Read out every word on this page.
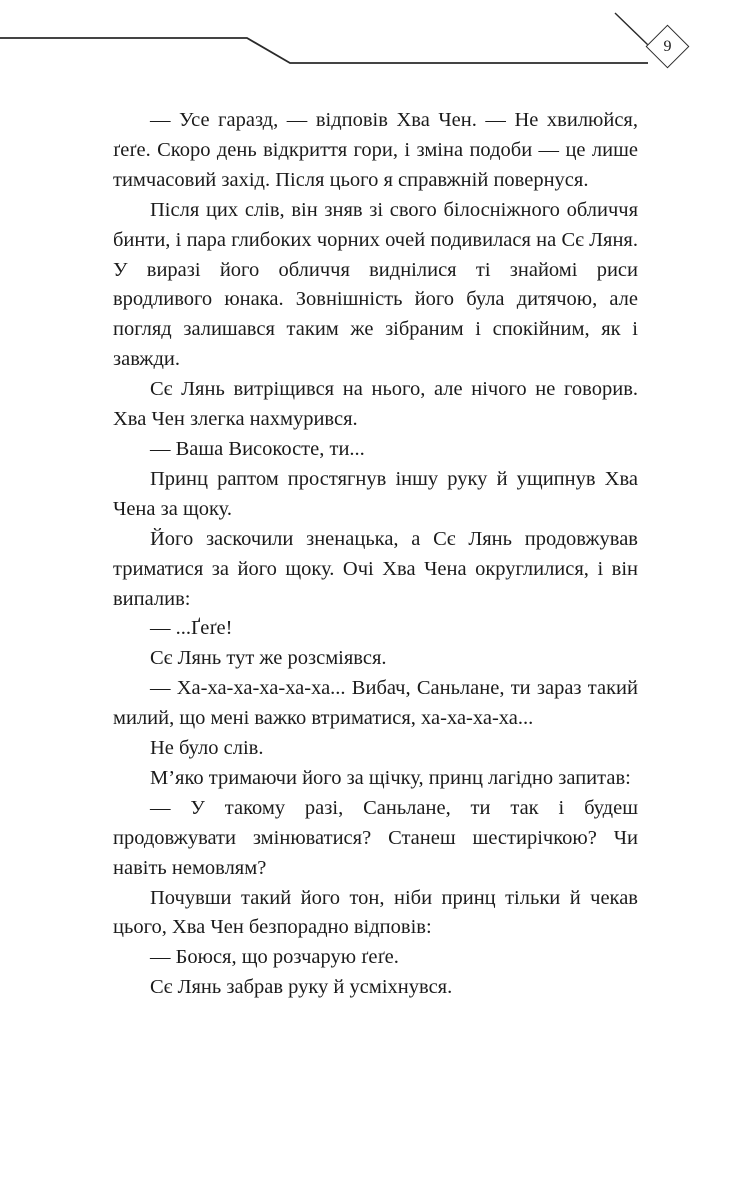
9

— Усе гаразд, — відповів Хва Чен. — Не хвилюйся, ґеґе. Скоро день відкриття гори, і зміна подоби — це лише тимчасовий захід. Після цього я справжній повернуся.

Після цих слів, він зняв зі свого білосніжного обличчя бинти, і пара глибоких чорних очей подивилася на Сє Ляня. У виразі його обличчя виднілися ті знайомі риси вродливого юнака. Зовнішність його була дитячою, але погляд залишався таким же зібраним і спокійним, як і завжди.

Сє Лянь витріщився на нього, але нічого не говорив. Хва Чен злегка нахмурився.

— Ваша Високосте, ти...

Принц раптом простягнув іншу руку й ущипнув Хва Чена за щоку.

Його заскочили зненацька, а Сє Лянь продовжував триматися за його щоку. Очі Хва Чена округлилися, і він випалив:

— ...Ґеґе!

Сє Лянь тут же розсміявся.

— Ха-ха-ха-ха-ха-ха... Вибач, Саньлане, ти зараз такий милий, що мені важко втриматися, ха-ха-ха-ха...

Не було слів.

М’яко тримаючи його за щічку, принц лагідно запитав:

— У такому разі, Саньлане, ти так і будеш продовжувати змінюватися? Станеш шестирічкою? Чи навіть немовлям?

Почувши такий його тон, ніби принц тільки й чекав цього, Хва Чен безпорадно відповів:

— Боюся, що розчарую ґеґе.

Сє Лянь забрав руку й усміхнувся.
